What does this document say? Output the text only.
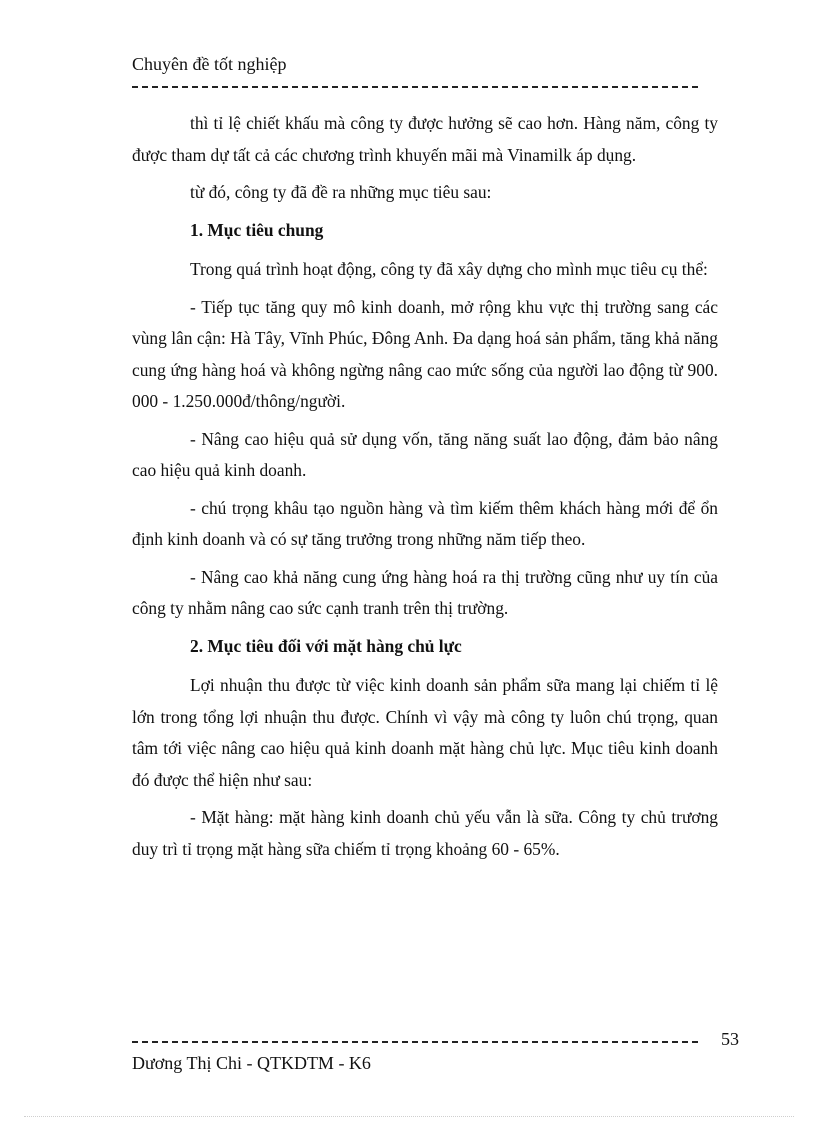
Chuyên đề tốt nghiệp

thì tỉ lệ chiết khấu mà công ty được hưởng sẽ cao hơn. Hàng năm, công ty được tham dự tất cả các chương trình khuyến mãi mà Vinamilk áp dụng.

từ đó, công ty đã đề ra những mục tiêu sau:

1. Mục tiêu chung

Trong quá trình hoạt động, công ty đã xây dựng cho mình mục tiêu cụ thể:

- Tiếp tục tăng quy mô kinh doanh, mở rộng khu vực thị trường sang các vùng lân cận: Hà Tây, Vĩnh Phúc, Đông Anh. Đa dạng hoá sản phẩm, tăng khả năng cung ứng hàng hoá và không ngừng nâng cao mức sống của người lao động từ 900. 000 - 1.250.000đ/thông/người.

- Nâng cao hiệu quả sử dụng vốn, tăng năng suất lao động, đảm bảo nâng cao hiệu quả kinh doanh.

- chú trọng khâu tạo nguồn hàng và tìm kiếm thêm khách hàng mới để ổn định kinh doanh và có sự tăng trưởng trong những năm tiếp theo.

- Nâng cao khả năng cung ứng hàng hoá ra thị trường cũng như uy tín của công ty nhằm nâng cao sức cạnh tranh trên thị trường.

2. Mục tiêu đối với mặt hàng chủ lực

Lợi nhuận thu được từ việc kinh doanh sản phẩm sữa mang lại chiếm tỉ lệ lớn trong tổng lợi nhuận thu được. Chính vì vậy mà công ty luôn chú trọng, quan tâm tới việc nâng cao hiệu quả kinh doanh mặt hàng chủ lực. Mục tiêu kinh doanh đó được thể hiện như sau:

- Mặt hàng: mặt hàng kinh doanh chủ yếu vẫn là sữa. Công ty chủ trương duy trì tỉ trọng mặt hàng sữa chiếm tỉ trọng khoảng 60 - 65%.

53
Dương Thị Chi - QTKDTM - K6
